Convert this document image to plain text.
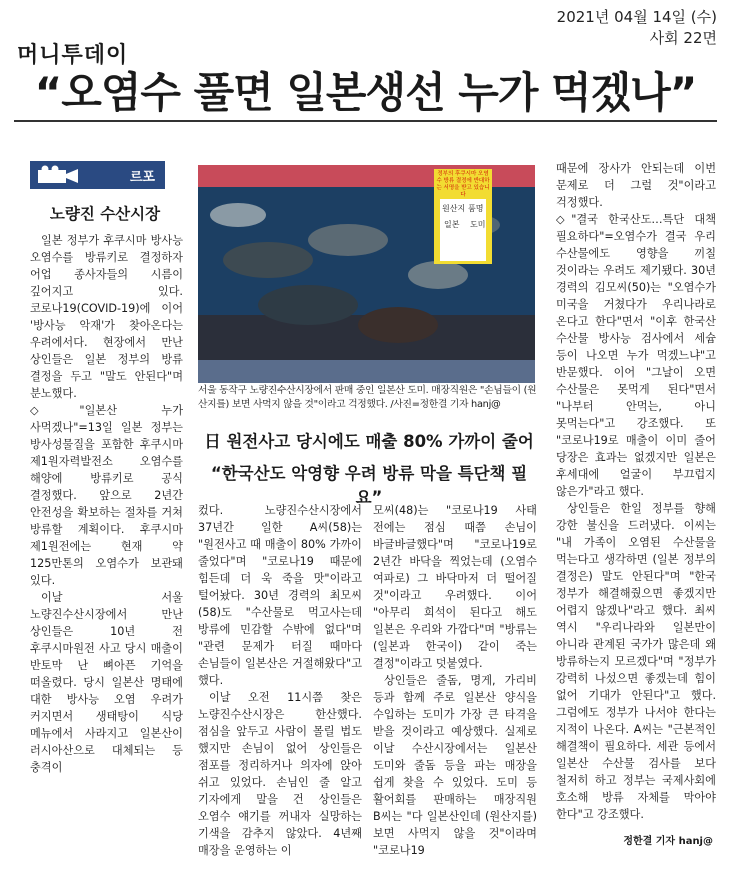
2021년 04월 14일 (수)
사회 22면
머니투데이
“오염수 풀면 일본생선 누가 먹겠나”
르포
노량진 수산시장

일본 정부가 후쿠시마 방사능 오염수를 방류키로 결정하자 어업 종사자들의 시름이 깊어지고 있다. 코로나19(COVID-19)에 이어 '방사능 악재'가 찾아온다는 우려에서다. 현장에서 만난 상인들은 일본 정부의 방류 결정을 두고 "말도 안된다"며 분노했다.

◇"일본산 누가 사먹겠나"=13일 일본 정부는 방사성물질을 포함한 후쿠시마 제1원자력발전소 오염수를 해양에 방류키로 공식 결정했다. 앞으로 2년간 안전성을 확보하는 절차를 거쳐 방류할 계획이다. 후쿠시마 제1원전에는 현재 약 125만톤의 오염수가 보관돼 있다.

이날 서울 노량진수산시장에서 만난 상인들은 10년 전 후쿠시마원전 사고 당시 매출이 반토막 난 뼈아픈 기억을 떠올렸다. 당시 일본산 명태에 대한 방사능 오염 우려가 커지면서 생태탕이 식당 메뉴에서 사라지고 일본산이 러시아산으로 대체되는 등 충격이

정부의 후쿠시마 오염수 방류 결정에 반대하는 서명을 받고 있습니다
원산지 품명
일본 도미
서울 동작구 노량진수산시장에서 판매 중인 일본산 도미. 매장직원은 "손님들이 (원산지를) 보면 사먹지 않을 것"이라고 걱정했다. /사진=정한결 기자 hanj@
日 원전사고 당시에도 매출 80% 가까이 줄어
“한국산도 악영향 우려 방류 막을 특단책 필요”

컸다. 노량진수산시장에서 37년간 일한 A씨(58)는 "원전사고 때 매출이 80% 가까이 줄었다"며 "코로나19 때문에 힘든데 더 욱 죽을 맛"이라고 털어놨다. 30년 경력의 최모씨(58)도 "수산물로 먹고사는데 방류에 민감할 수밖에 없다"며 "관련 문제가 터질 때마다 손님들이 일본산은 거절해왔다"고 했다.

이날 오전 11시쯤 찾은 노량진수산시장은 한산했다. 점심을 앞두고 사람이 몰릴 법도 했지만 손님이 없어 상인들은 점포를 정리하거나 의자에 앉아 쉬고 있었다. 손님인 줄 알고 기자에게 말을 건 상인들은 오염수 얘기를 꺼내자 실망하는 기색을 감추지 않았다. 4년째 매장을 운영하는 이

모씨(48)는 "코로나19 사태 전에는 점심 때쯤 손님이 바글바글했다"며 "코로나19로 2년간 바닥을 찍었는데 (오염수 여파로) 그 바닥마저 더 떨어질 것"이라고 우려했다. 이어 "아무리 희석이 된다고 해도 일본은 우리와 가깝다"며 "방류는 (일본과 한국이) 같이 죽는 결정"이라고 덧붙였다.

상인들은 줄돔, 명게, 가리비 등과 함께 주로 일본산 양식을 수입하는 도미가 가장 큰 타격을 받을 것이라고 예상했다. 실제로 이날 수산시장에서는 일본산 도미와 줄돔 등을 파는 매장을 쉽게 찾을 수 있었다. 도미 등 활어회를 판매하는 매장직원 B씨는 "다 일본산인데 (원산지를) 보면 사먹지 않을 것"이라며 "코로나19

때문에 장사가 안되는데 이번 문제로 더 그럴 것"이라고 걱정했다.

◇"결국 한국산도…특단 대책 필요하다"=오염수가 결국 우리 수산물에도 영향을 끼칠 것이라는 우려도 제기됐다. 30년 경력의 김모씨(50)는 "오염수가 미국을 거쳤다가 우리나라로 온다고 한다"면서 "이후 한국산 수산물 방사능 검사에서 세슘 등이 나오면 누가 먹겠느냐"고 반문했다. 이어 "그날이 오면 수산물은 못먹게 된다"면서 "나부터 안먹는, 아니 못먹는다"고 강조했다. 또 "코로나19로 매출이 이미 줄어 당장은 효과는 없겠지만 일본은 후세대에 얼굴이 부끄럽지 않은가"라고 했다.

상인들은 한일 정부를 향해 강한 불신을 드러냈다. 이씨는 "내 가족이 오염된 수산물을 먹는다고 생각하면 (일본 정부의 결정은) 말도 안된다"며 "한국 정부가 해결해줬으면 좋겠지만 어렵지 않겠나"라고 했다. 최씨 역시 "우리나라와 일본만이 아니라 관계된 국가가 많은데 왜 방류하는지 모르겠다"며 "정부가 강력히 나섰으면 좋겠는데 힘이 없어 기대가 안된다"고 했다. 그럼에도 정부가 나서야 한다는 지적이 나온다. A씨는 "근본적인 해결책이 필요하다. 세관 등에서 일본산 수산물 검사를 보다 철저히 하고 정부는 국제사회에 호소해 방류 자체를 막아야 한다"고 강조했다.

정한결 기자 hanj@
